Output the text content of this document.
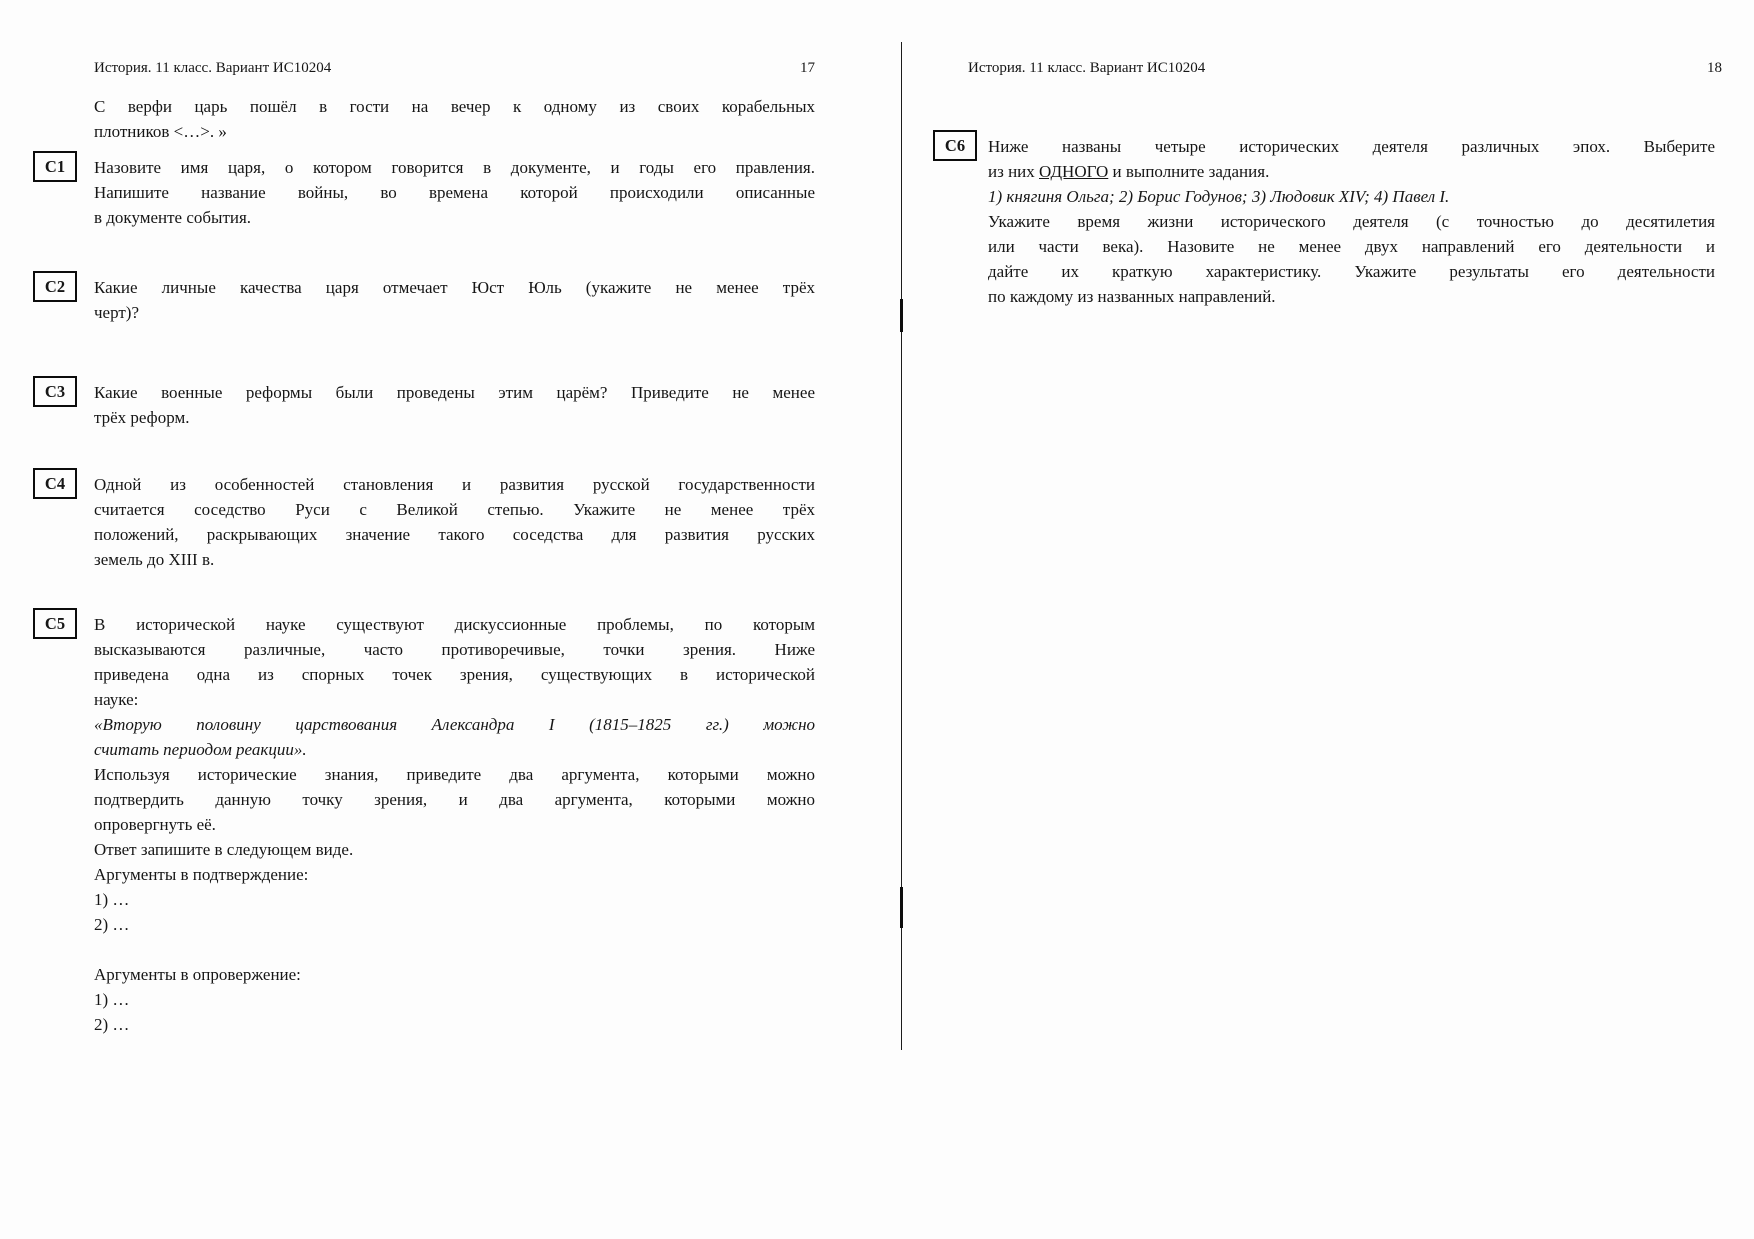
История. 11 класс. Вариант ИС10204	17
С верфи царь пошёл в гости на вечер к одному из своих корабельных
плотников <…>. »
С1	Назовите имя царя, о котором говорится в документе, и годы его правления.
Напишите название войны, во времена которой происходили описанные
в документе события.
С2	Какие личные качества царя отмечает Юст Юль (укажите не менее трёх
черт)?
С3	Какие военные реформы были проведены этим царём? Приведите не менее
трёх реформ.
С4	Одной из особенностей становления и развития русской государственности
считается соседство Руси с Великой степью. Укажите не менее трёх
положений, раскрывающих значение такого соседства для развития русских
земель до XIII в.
С5	В исторической науке существуют дискуссионные проблемы, по которым
высказываются различные, часто противоречивые, точки зрения. Ниже
приведена одна из спорных точек зрения, существующих в исторической
науке:
«Вторую половину царствования Александра I (1815–1825 гг.) можно
считать периодом реакции».
Используя исторические знания, приведите два аргумента, которыми можно
подтвердить данную точку зрения, и два аргумента, которыми можно
опровергнуть её.
Ответ запишите в следующем виде.
Аргументы в подтверждение:
1) …
2) …
Аргументы в опровержение:
1) …
2) …
История. 11 класс. Вариант ИС10204	18
С6	Ниже названы четыре исторических деятеля различных эпох. Выберите
из них ОДНОГО и выполните задания.
1) княгиня Ольга; 2) Борис Годунов; 3) Людовик XIV; 4) Павел I.
Укажите время жизни исторического деятеля (с точностью до десятилетия
или части века). Назовите не менее двух направлений его деятельности и
дайте их краткую характеристику. Укажите результаты его деятельности
по каждому из названных направлений.
